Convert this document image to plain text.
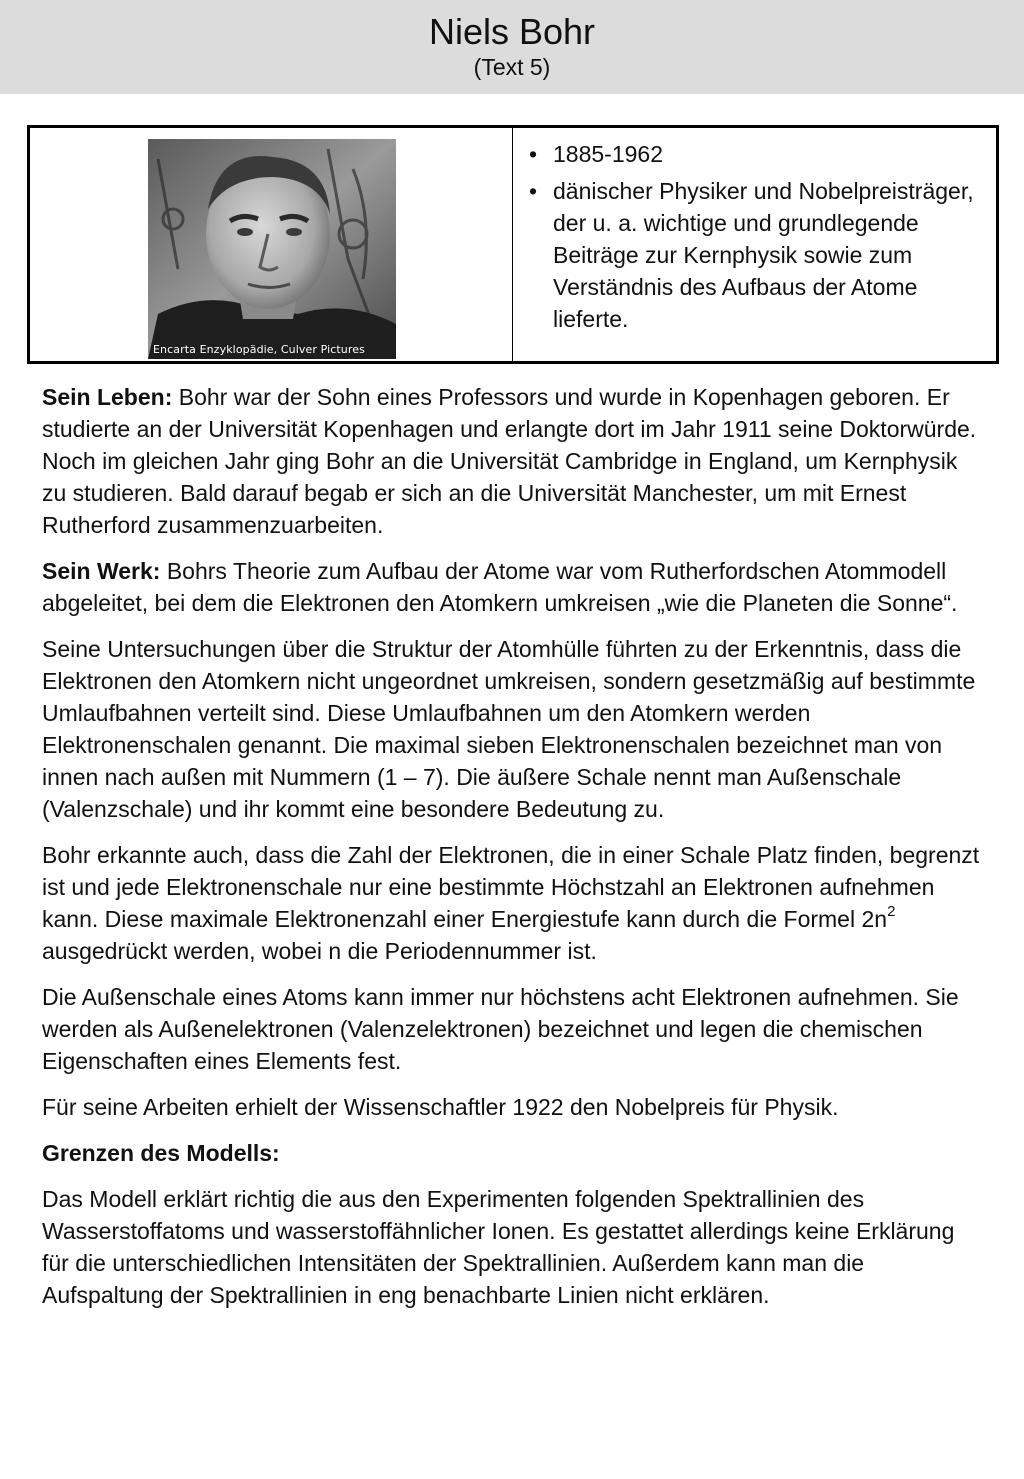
Niels Bohr
(Text 5)
Encarta Enzyklopädie, Culver Pictures
• 1885-1962
• dänischer Physiker und Nobelpreisträger, der u. a. wichtige und grundlegende Beiträge zur Kernphysik sowie zum Verständnis des Aufbaus der Atome lieferte.

Sein Leben: Bohr war der Sohn eines Professors und wurde in Kopenhagen geboren. Er studierte an der Universität Kopenhagen und erlangte dort im Jahr 1911 seine Doktorwürde. Noch im gleichen Jahr ging Bohr an die Universität Cambridge in England, um Kernphysik zu studieren. Bald darauf begab er sich an die Universität Manchester, um mit Ernest Rutherford zusammenzuarbeiten.

Sein Werk: Bohrs Theorie zum Aufbau der Atome war vom Rutherfordschen Atommodell abgeleitet, bei dem die Elektronen den Atomkern umkreisen „wie die Planeten die Sonne“.

Seine Untersuchungen über die Struktur der Atomhülle führten zu der Erkenntnis, dass die Elektronen den Atomkern nicht ungeordnet umkreisen, sondern gesetzmäßig auf bestimmte Umlaufbahnen verteilt sind. Diese Umlaufbahnen um den Atomkern werden Elektronenschalen genannt. Die maximal sieben Elektronenschalen bezeichnet man von innen nach außen mit Nummern (1 – 7). Die äußere Schale nennt man Außenschale (Valenzschale) und ihr kommt eine besondere Bedeutung zu.

Bohr erkannte auch, dass die Zahl der Elektronen, die in einer Schale Platz finden, begrenzt ist und jede Elektronenschale nur eine bestimmte Höchstzahl an Elektronen aufnehmen kann. Diese maximale Elektronenzahl einer Energiestufe kann durch die Formel $2n^2$ ausgedrückt werden, wobei n die Periodennummer ist.

Die Außenschale eines Atoms kann immer nur höchstens acht Elektronen aufnehmen. Sie werden als Außenelektronen (Valenzelektronen) bezeichnet und legen die chemischen Eigenschaften eines Elements fest.

Für seine Arbeiten erhielt der Wissenschaftler 1922 den Nobelpreis für Physik.

Grenzen des Modells:

Das Modell erklärt richtig die aus den Experimenten folgenden Spektrallinien des Wasserstoffatoms und wasserstoffähnlicher Ionen. Es gestattet allerdings keine Erklärung für die unterschiedlichen Intensitäten der Spektrallinien. Außerdem kann man die Aufspaltung der Spektrallinien in eng benachbarte Linien nicht erklären.
